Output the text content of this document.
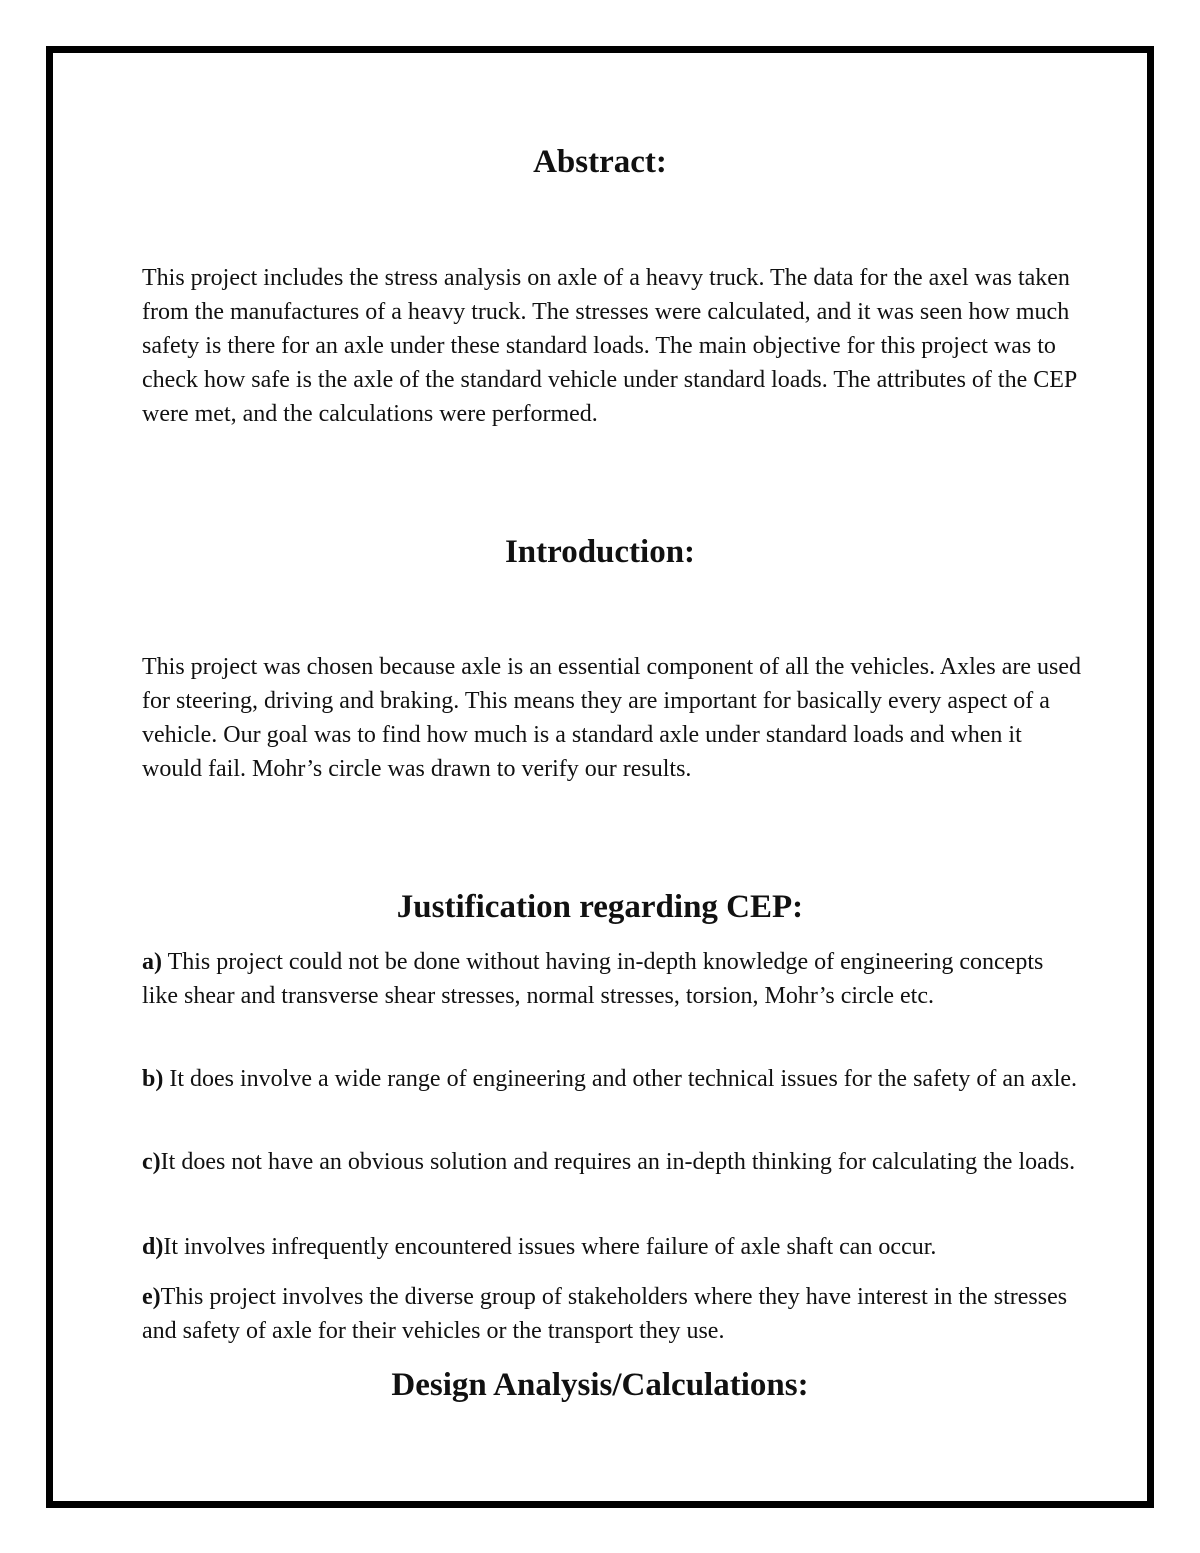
Abstract:

This project includes the stress analysis on axle of a heavy truck. The data for the axel was taken from the manufactures of a heavy truck. The stresses were calculated, and it was seen how much safety is there for an axle under these standard loads. The main objective for this project was to check how safe is the axle of the standard vehicle under standard loads. The attributes of the CEP were met, and the calculations were performed.

Introduction:

This project was chosen because axle is an essential component of all the vehicles. Axles are used for steering, driving and braking. This means they are important for basically every aspect of a vehicle. Our goal was to find how much is a standard axle under standard loads and when it would fail. Mohr’s circle was drawn to verify our results.

Justification regarding CEP:

a) This project could not be done without having in-depth knowledge of engineering concepts like shear and transverse shear stresses, normal stresses, torsion, Mohr’s circle etc.

b) It does involve a wide range of engineering and other technical issues for the safety of an axle.

c)It does not have an obvious solution and requires an in-depth thinking for calculating the loads.

d)It involves infrequently encountered issues where failure of axle shaft can occur.

e)This project involves the diverse group of stakeholders where they have interest in the stresses and safety of axle for their vehicles or the transport they use.

Design Analysis/Calculations:
